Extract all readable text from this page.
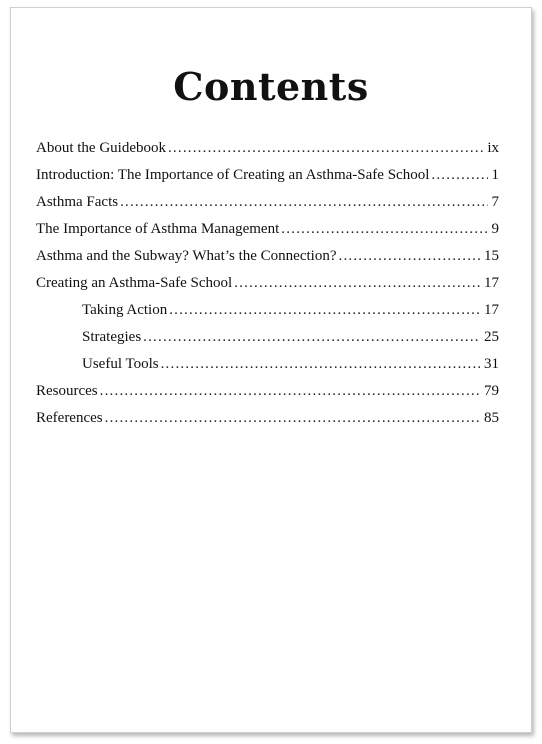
Contents
About the Guidebook .....	ix
Introduction: The Importance of Creating an Asthma-Safe School .....	1
Asthma Facts .....	7
The Importance of Asthma Management .....	9
Asthma and the Subway? What’s the Connection? .....	15
Creating an Asthma-Safe School .....	17
Taking Action .....	17
Strategies .....	25
Useful Tools .....	31
Resources .....	79
References .....	85
